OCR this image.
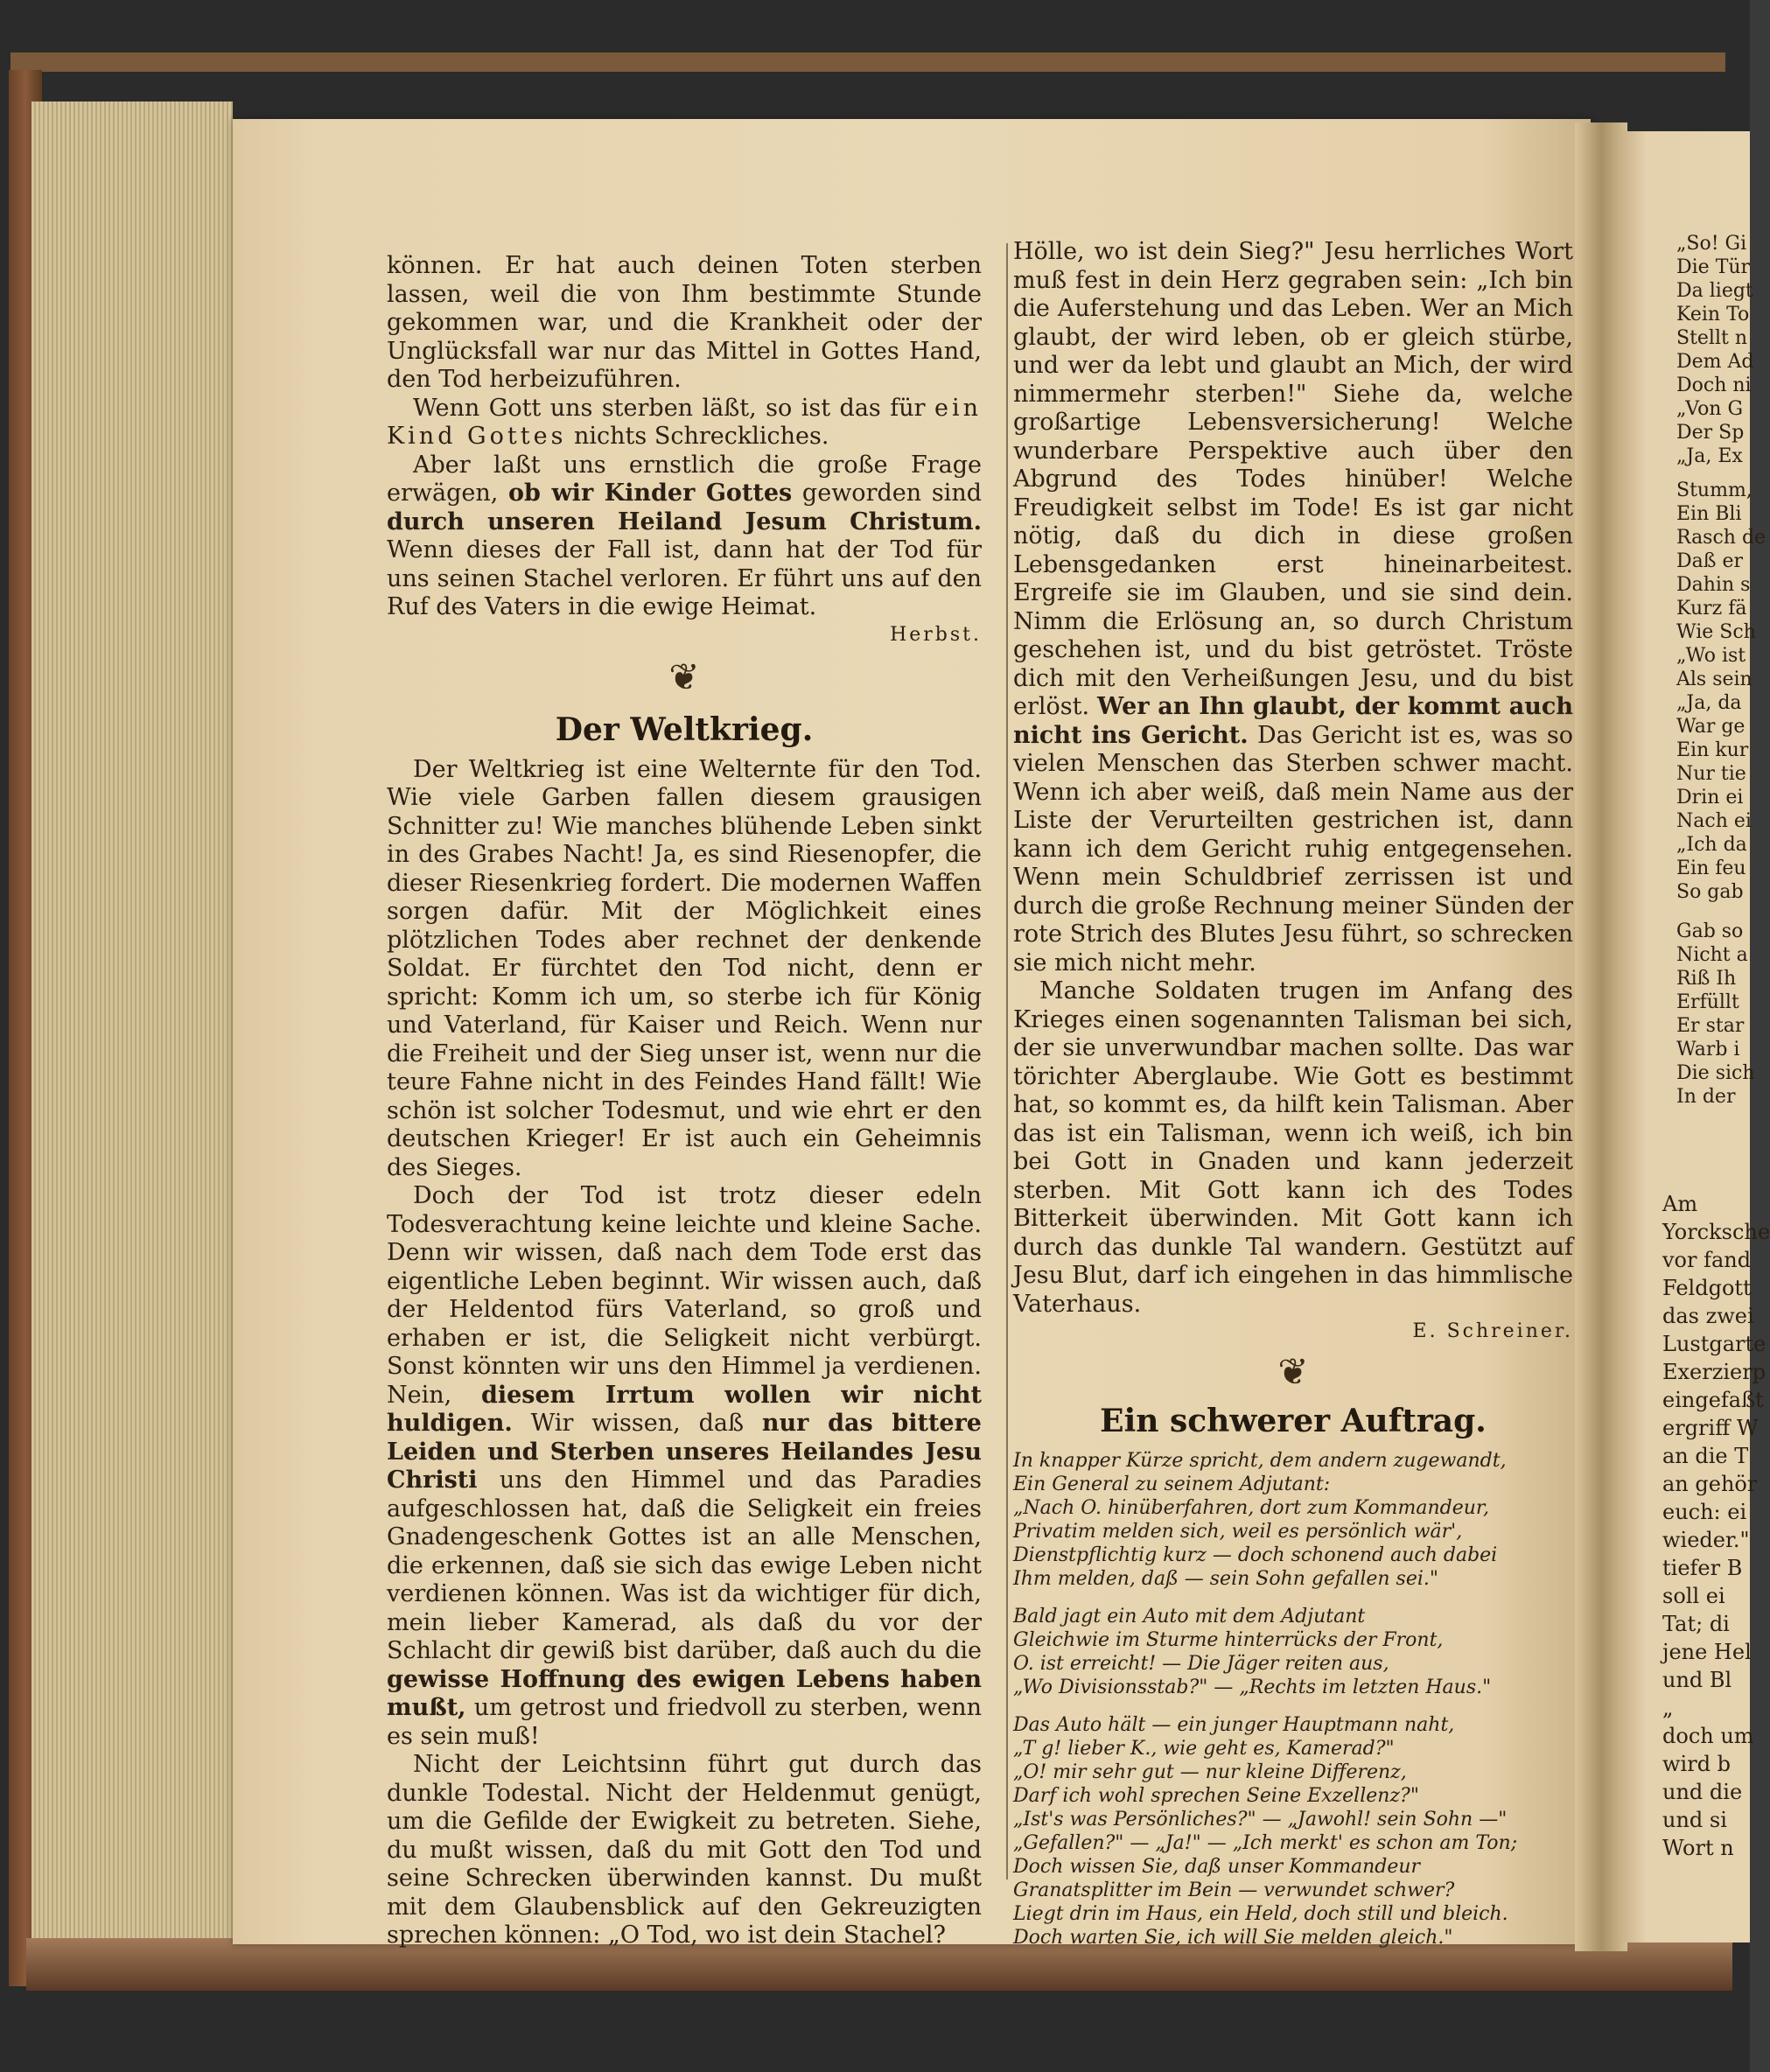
„So! Gi
Die Tür
Da liegt
Kein To
Stellt n
Dem Ad
Doch ni
„Von G
Der Sp
„Ja, Ex
Stumm,
Ein Bli
Rasch de
Daß er
Dahin s
Kurz fä
Wie Sch
„Wo ist
Als sein
„Ja, da
War ge
Ein kur
Nur tie
Drin ei
Nach ei
„Ich da
Ein feu
So gab
Gab so
Nicht a
Riß Ih
Erfüllt
Er star
Warb i
Die sich
In der
Am
Yorcksche
vor fand
Feldgott
das zwei
Lustgarte
Exerzierp
eingefaßt
ergriff W
an die T
an gehör
euch: ei
wieder."
tiefer B
soll ei
Tat; di
jene Hel
und Bl
„
doch um
wird b
und die
und si
Wort n

können. Er hat auch deinen Toten sterben lassen, weil die von Ihm bestimmte Stunde gekommen war, und die Krankheit oder der Unglücksfall war nur das Mittel in Gottes Hand, den Tod herbeizuführen.

Wenn Gott uns sterben läßt, so ist das für ein Kind Gottes nichts Schreckliches.

Aber laßt uns ernstlich die große Frage erwägen, ob wir Kinder Gottes geworden sind durch unseren Heiland Jesum Christum. Wenn dieses der Fall ist, dann hat der Tod für uns seinen Stachel verloren. Er führt uns auf den Ruf des Vaters in die ewige Heimat.

Herbst.

❦

Der Weltkrieg.

Der Weltkrieg ist eine Welternte für den Tod. Wie viele Garben fallen diesem grausigen Schnitter zu! Wie manches blühende Leben sinkt in des Grabes Nacht! Ja, es sind Riesenopfer, die dieser Riesenkrieg fordert. Die modernen Waffen sorgen dafür. Mit der Möglichkeit eines plötzlichen Todes aber rechnet der denkende Soldat. Er fürchtet den Tod nicht, denn er spricht: Komm ich um, so sterbe ich für König und Vaterland, für Kaiser und Reich. Wenn nur die Freiheit und der Sieg unser ist, wenn nur die teure Fahne nicht in des Feindes Hand fällt! Wie schön ist solcher Todesmut, und wie ehrt er den deutschen Krieger! Er ist auch ein Geheimnis des Sieges.

Doch der Tod ist trotz dieser edeln Todesverachtung keine leichte und kleine Sache. Denn wir wissen, daß nach dem Tode erst das eigentliche Leben beginnt. Wir wissen auch, daß der Heldentod fürs Vaterland, so groß und erhaben er ist, die Seligkeit nicht verbürgt. Sonst könnten wir uns den Himmel ja verdienen. Nein, diesem Irrtum wollen wir nicht huldigen. Wir wissen, daß nur das bittere Leiden und Sterben unseres Heilandes Jesu Christi uns den Himmel und das Paradies aufgeschlossen hat, daß die Seligkeit ein freies Gnadengeschenk Gottes ist an alle Menschen, die erkennen, daß sie sich das ewige Leben nicht verdienen können. Was ist da wichtiger für dich, mein lieber Kamerad, als daß du vor der Schlacht dir gewiß bist darüber, daß auch du die gewisse Hoffnung des ewigen Lebens haben mußt, um getrost und friedvoll zu sterben, wenn es sein muß!

Nicht der Leichtsinn führt gut durch das dunkle Todestal. Nicht der Heldenmut genügt, um die Gefilde der Ewigkeit zu betreten. Siehe, du mußt wissen, daß du mit Gott den Tod und seine Schrecken überwinden kannst. Du mußt mit dem Glaubensblick auf den Gekreuzigten sprechen können: „O Tod, wo ist dein Stachel?

Hölle, wo ist dein Sieg?" Jesu herrliches Wort muß fest in dein Herz gegraben sein: „Ich bin die Auferstehung und das Leben. Wer an Mich glaubt, der wird leben, ob er gleich stürbe, und wer da lebt und glaubt an Mich, der wird nimmermehr sterben!" Siehe da, welche großartige Lebensversicherung! Welche wunderbare Perspektive auch über den Abgrund des Todes hinüber! Welche Freudigkeit selbst im Tode! Es ist gar nicht nötig, daß du dich in diese großen Lebensgedanken erst hineinarbeitest. Ergreife sie im Glauben, und sie sind dein. Nimm die Erlösung an, so durch Christum geschehen ist, und du bist getröstet. Tröste dich mit den Verheißungen Jesu, und du bist erlöst. Wer an Ihn glaubt, der kommt auch nicht ins Gericht. Das Gericht ist es, was so vielen Menschen das Sterben schwer macht. Wenn ich aber weiß, daß mein Name aus der Liste der Verurteilten gestrichen ist, dann kann ich dem Gericht ruhig entgegensehen. Wenn mein Schuldbrief zerrissen ist und durch die große Rechnung meiner Sünden der rote Strich des Blutes Jesu führt, so schrecken sie mich nicht mehr.

Manche Soldaten trugen im Anfang des Krieges einen sogenannten Talisman bei sich, der sie unverwundbar machen sollte. Das war törichter Aberglaube. Wie Gott es bestimmt hat, so kommt es, da hilft kein Talisman. Aber das ist ein Talisman, wenn ich weiß, ich bin bei Gott in Gnaden und kann jederzeit sterben. Mit Gott kann ich des Todes Bitterkeit überwinden. Mit Gott kann ich durch das dunkle Tal wandern. Gestützt auf Jesu Blut, darf ich eingehen in das himmlische Vaterhaus.

E. Schreiner.

❦

Ein schwerer Auftrag.

In knapper Kürze spricht, dem andern zugewandt,
Ein General zu seinem Adjutant:
„Nach O. hinüberfahren, dort zum Kommandeur,
Privatim melden sich, weil es persönlich wär',
Dienstpflichtig kurz — doch schonend auch dabei
Ihm melden, daß — sein Sohn gefallen sei."
Bald jagt ein Auto mit dem Adjutant
Gleichwie im Sturme hinterrücks der Front,
O. ist erreicht! — Die Jäger reiten aus,
„Wo Divisionsstab?" — „Rechts im letzten Haus."
Das Auto hält — ein junger Hauptmann naht,
„T g! lieber K., wie geht es, Kamerad?"
„O! mir sehr gut — nur kleine Differenz,
Darf ich wohl sprechen Seine Exzellenz?"
„Ist's was Persönliches?" — „Jawohl! sein Sohn —"
„Gefallen?" — „Ja!" — „Ich merkt' es schon am Ton;
Doch wissen Sie, daß unser Kommandeur
Granatsplitter im Bein — verwundet schwer?
Liegt drin im Haus, ein Held, doch still und bleich.
Doch warten Sie, ich will Sie melden gleich."
